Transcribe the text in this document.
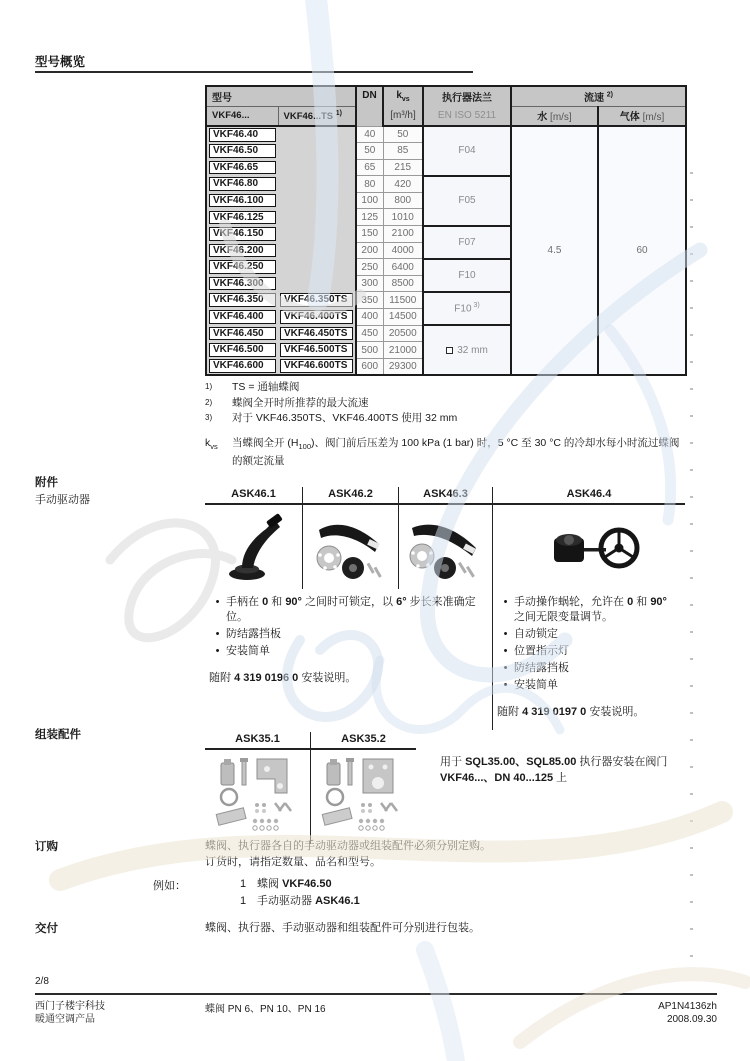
型号概览
型号		DN	$k_{vs}$	执行器法兰	流速 $^{2)}$
VKF46...	VKF46...TS $^{1)}$		[m³/h]	EN ISO 5211	水 [m/s]	气体 [m/s]

VKF46.40		40	50	F04	4.5	60

VKF46.50		50	85			

VKF46.65		65	215			

VKF46.80		80	420	F05		

VKF46.100		100	800			

VKF46.125		125	1010			

VKF46.150		150	2100	F07		

VKF46.200		200	4000			

VKF46.250		250	6400	F10		

VKF46.300		300	8500			

VKF46.350	VKF46.350TS	350	11500	F10 $^{3)}$

VKF46.400	VKF46.400TS	400	14500			

VKF46.450	VKF46.450TS	450	20500	32 mm		

VKF46.500	VKF46.500TS	500	21000			

VKF46.600	VKF46.600TS	600	29300			
1)	TS = 通轴蝶阀
2)	蝶阀全开时所推荐的最大流速
3)	对于 VKF46.350TS、VKF46.400TS 使用 32 mm
$k_{vs}$	当蝶阀全开 $(H_{100})$、阀门前后压差为 100 kPa (1 bar) 时，5 °C 至 30 °C 的冷却水每小时流过蝶阀的额定流量
附件
手动驱动器	ASK46.1	ASK46.2	ASK46.3	ASK46.4
• 手柄在 0 和 90° 之间时可锁定，以 6° 步长来准确定位。
• 防结露挡板
• 安装简单
随附 4 319 0196 0 安装说明。
• 手动操作蜗轮，允许在 0 和 90° 之间无限变量调节。
• 自动锁定
• 位置指示灯
• 防结露挡板
• 安装简单
随附 4 319 0197 0 安装说明。
组装配件	ASK35.1	ASK35.2
用于 SQL35.00、SQL85.00 执行器安装在阀门 VKF46...、DN 40...125 上
订购	蝶阀、执行器各自的手动驱动器或组装配件必须分别定购。
订货时，请指定数量、品名和型号。
例如：	1 蝶阀 VKF46.50
1 手动驱动器 ASK46.1
交付	蝶阀、执行器、手动驱动器和组装配件可分别进行包装。
2/8
西门子楼宇科技
暖通空调产品
蝶阀 PN 6、PN 10、PN 16	AP1N4136zh
2008.09.30
